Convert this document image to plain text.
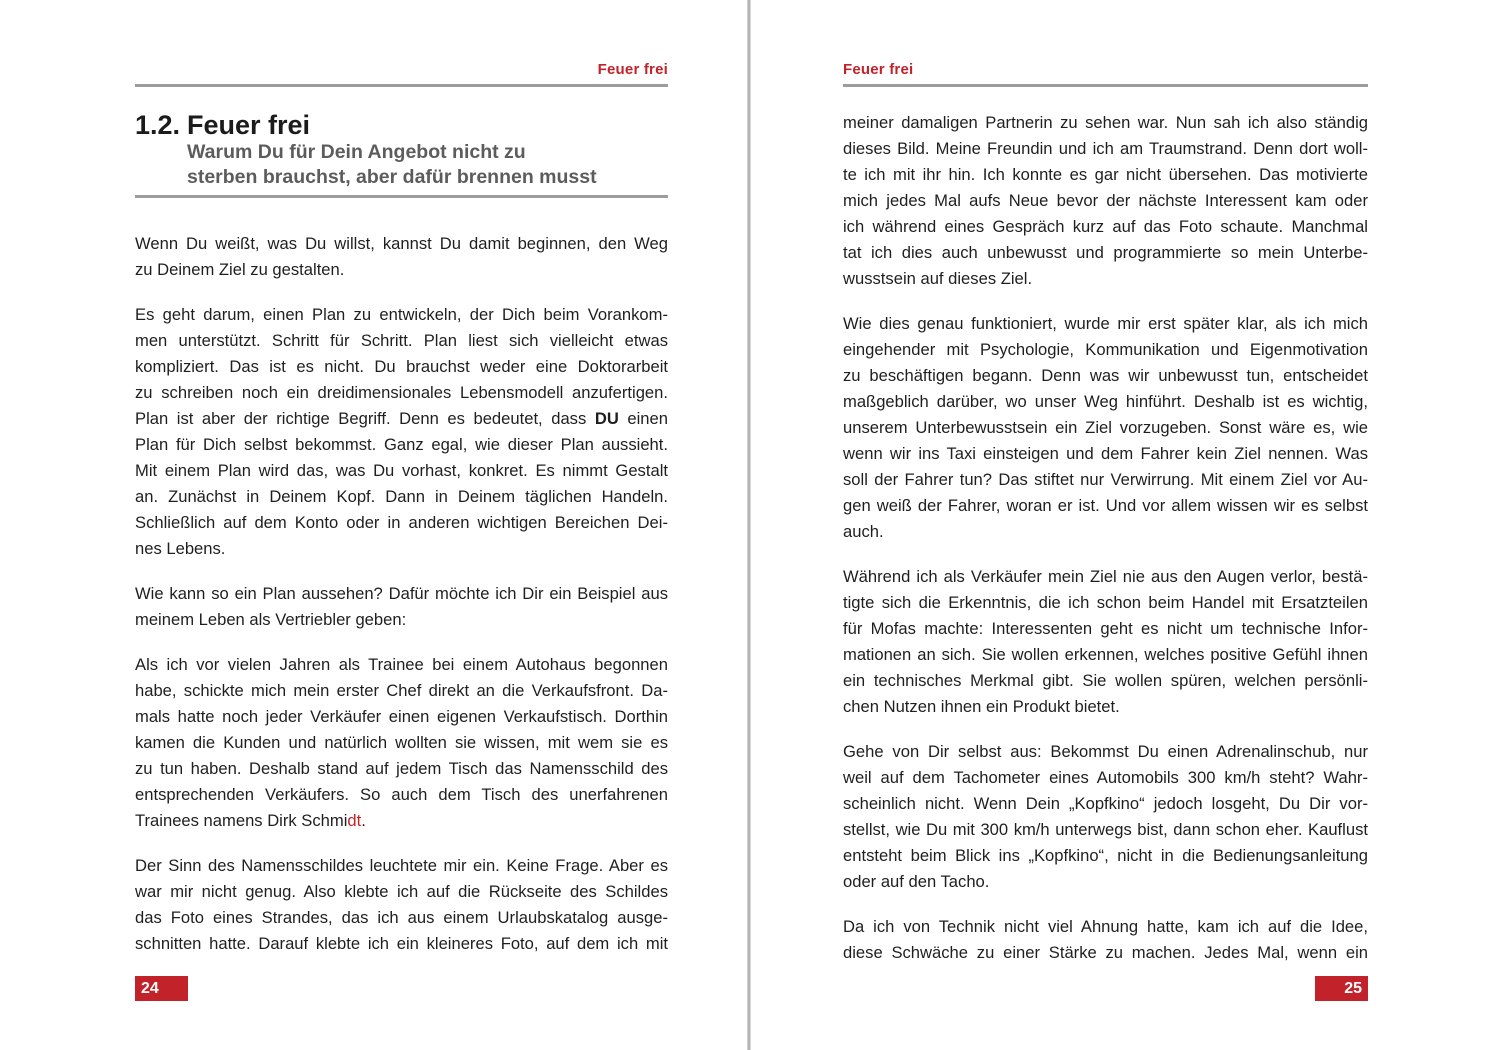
Feuer frei
1.2. Feuer frei
Warum Du für Dein Angebot nicht zu
sterben brauchst, aber dafür brennen musst
Wenn Du weißt, was Du willst, kannst Du damit beginnen, den Weg
zu Deinem Ziel zu gestalten.
Es geht darum, einen Plan zu entwickeln, der Dich beim Vorankom-
men unterstützt. Schritt für Schritt. Plan liest sich vielleicht etwas
kompliziert. Das ist es nicht. Du brauchst weder eine Doktorarbeit
zu schreiben noch ein dreidimensionales Lebensmodell anzufertigen.
Plan ist aber der richtige Begriff. Denn es bedeutet, dass DU einen
Plan für Dich selbst bekommst. Ganz egal, wie dieser Plan aussieht.
Mit einem Plan wird das, was Du vorhast, konkret. Es nimmt Gestalt
an. Zunächst in Deinem Kopf. Dann in Deinem täglichen Handeln.
Schließlich auf dem Konto oder in anderen wichtigen Bereichen Dei-
nes Lebens.
Wie kann so ein Plan aussehen? Dafür möchte ich Dir ein Beispiel aus
meinem Leben als Vertriebler geben:
Als ich vor vielen Jahren als Trainee bei einem Autohaus begonnen
habe, schickte mich mein erster Chef direkt an die Verkaufsfront. Da-
mals hatte noch jeder Verkäufer einen eigenen Verkaufstisch. Dorthin
kamen die Kunden und natürlich wollten sie wissen, mit wem sie es
zu tun haben. Deshalb stand auf jedem Tisch das Namensschild des
entsprechenden Verkäufers. So auch dem Tisch des unerfahrenen
Trainees namens Dirk Schmidt.
Der Sinn des Namensschildes leuchtete mir ein. Keine Frage. Aber es
war mir nicht genug. Also klebte ich auf die Rückseite des Schildes
das Foto eines Strandes, das ich aus einem Urlaubskatalog ausge-
schnitten hatte. Darauf klebte ich ein kleineres Foto, auf dem ich mit
24
Feuer frei
meiner damaligen Partnerin zu sehen war. Nun sah ich also ständig
dieses Bild. Meine Freundin und ich am Traumstrand. Denn dort woll-
te ich mit ihr hin. Ich konnte es gar nicht übersehen. Das motivierte
mich jedes Mal aufs Neue bevor der nächste Interessent kam oder
ich während eines Gespräch kurz auf das Foto schaute. Manchmal
tat ich dies auch unbewusst und programmierte so mein Unterbe-
wusstsein auf dieses Ziel.
Wie dies genau funktioniert, wurde mir erst später klar, als ich mich
eingehender mit Psychologie, Kommunikation und Eigenmotivation
zu beschäftigen begann. Denn was wir unbewusst tun, entscheidet
maßgeblich darüber, wo unser Weg hinführt. Deshalb ist es wichtig,
unserem Unterbewusstsein ein Ziel vorzugeben. Sonst wäre es, wie
wenn wir ins Taxi einsteigen und dem Fahrer kein Ziel nennen. Was
soll der Fahrer tun? Das stiftet nur Verwirrung. Mit einem Ziel vor Au-
gen weiß der Fahrer, woran er ist. Und vor allem wissen wir es selbst
auch.
Während ich als Verkäufer mein Ziel nie aus den Augen verlor, bestä-
tigte sich die Erkenntnis, die ich schon beim Handel mit Ersatzteilen
für Mofas machte: Interessenten geht es nicht um technische Infor-
mationen an sich. Sie wollen erkennen, welches positive Gefühl ihnen
ein technisches Merkmal gibt. Sie wollen spüren, welchen persönli-
chen Nutzen ihnen ein Produkt bietet.
Gehe von Dir selbst aus: Bekommst Du einen Adrenalinschub, nur
weil auf dem Tachometer eines Automobils 300 km/h steht? Wahr-
scheinlich nicht. Wenn Dein „Kopfkino“ jedoch losgeht, Du Dir vor-
stellst, wie Du mit 300 km/h unterwegs bist, dann schon eher. Kauflust
entsteht beim Blick ins „Kopfkino“, nicht in die Bedienungsanleitung
oder auf den Tacho.
Da ich von Technik nicht viel Ahnung hatte, kam ich auf die Idee,
diese Schwäche zu einer Stärke zu machen. Jedes Mal, wenn ein
25
